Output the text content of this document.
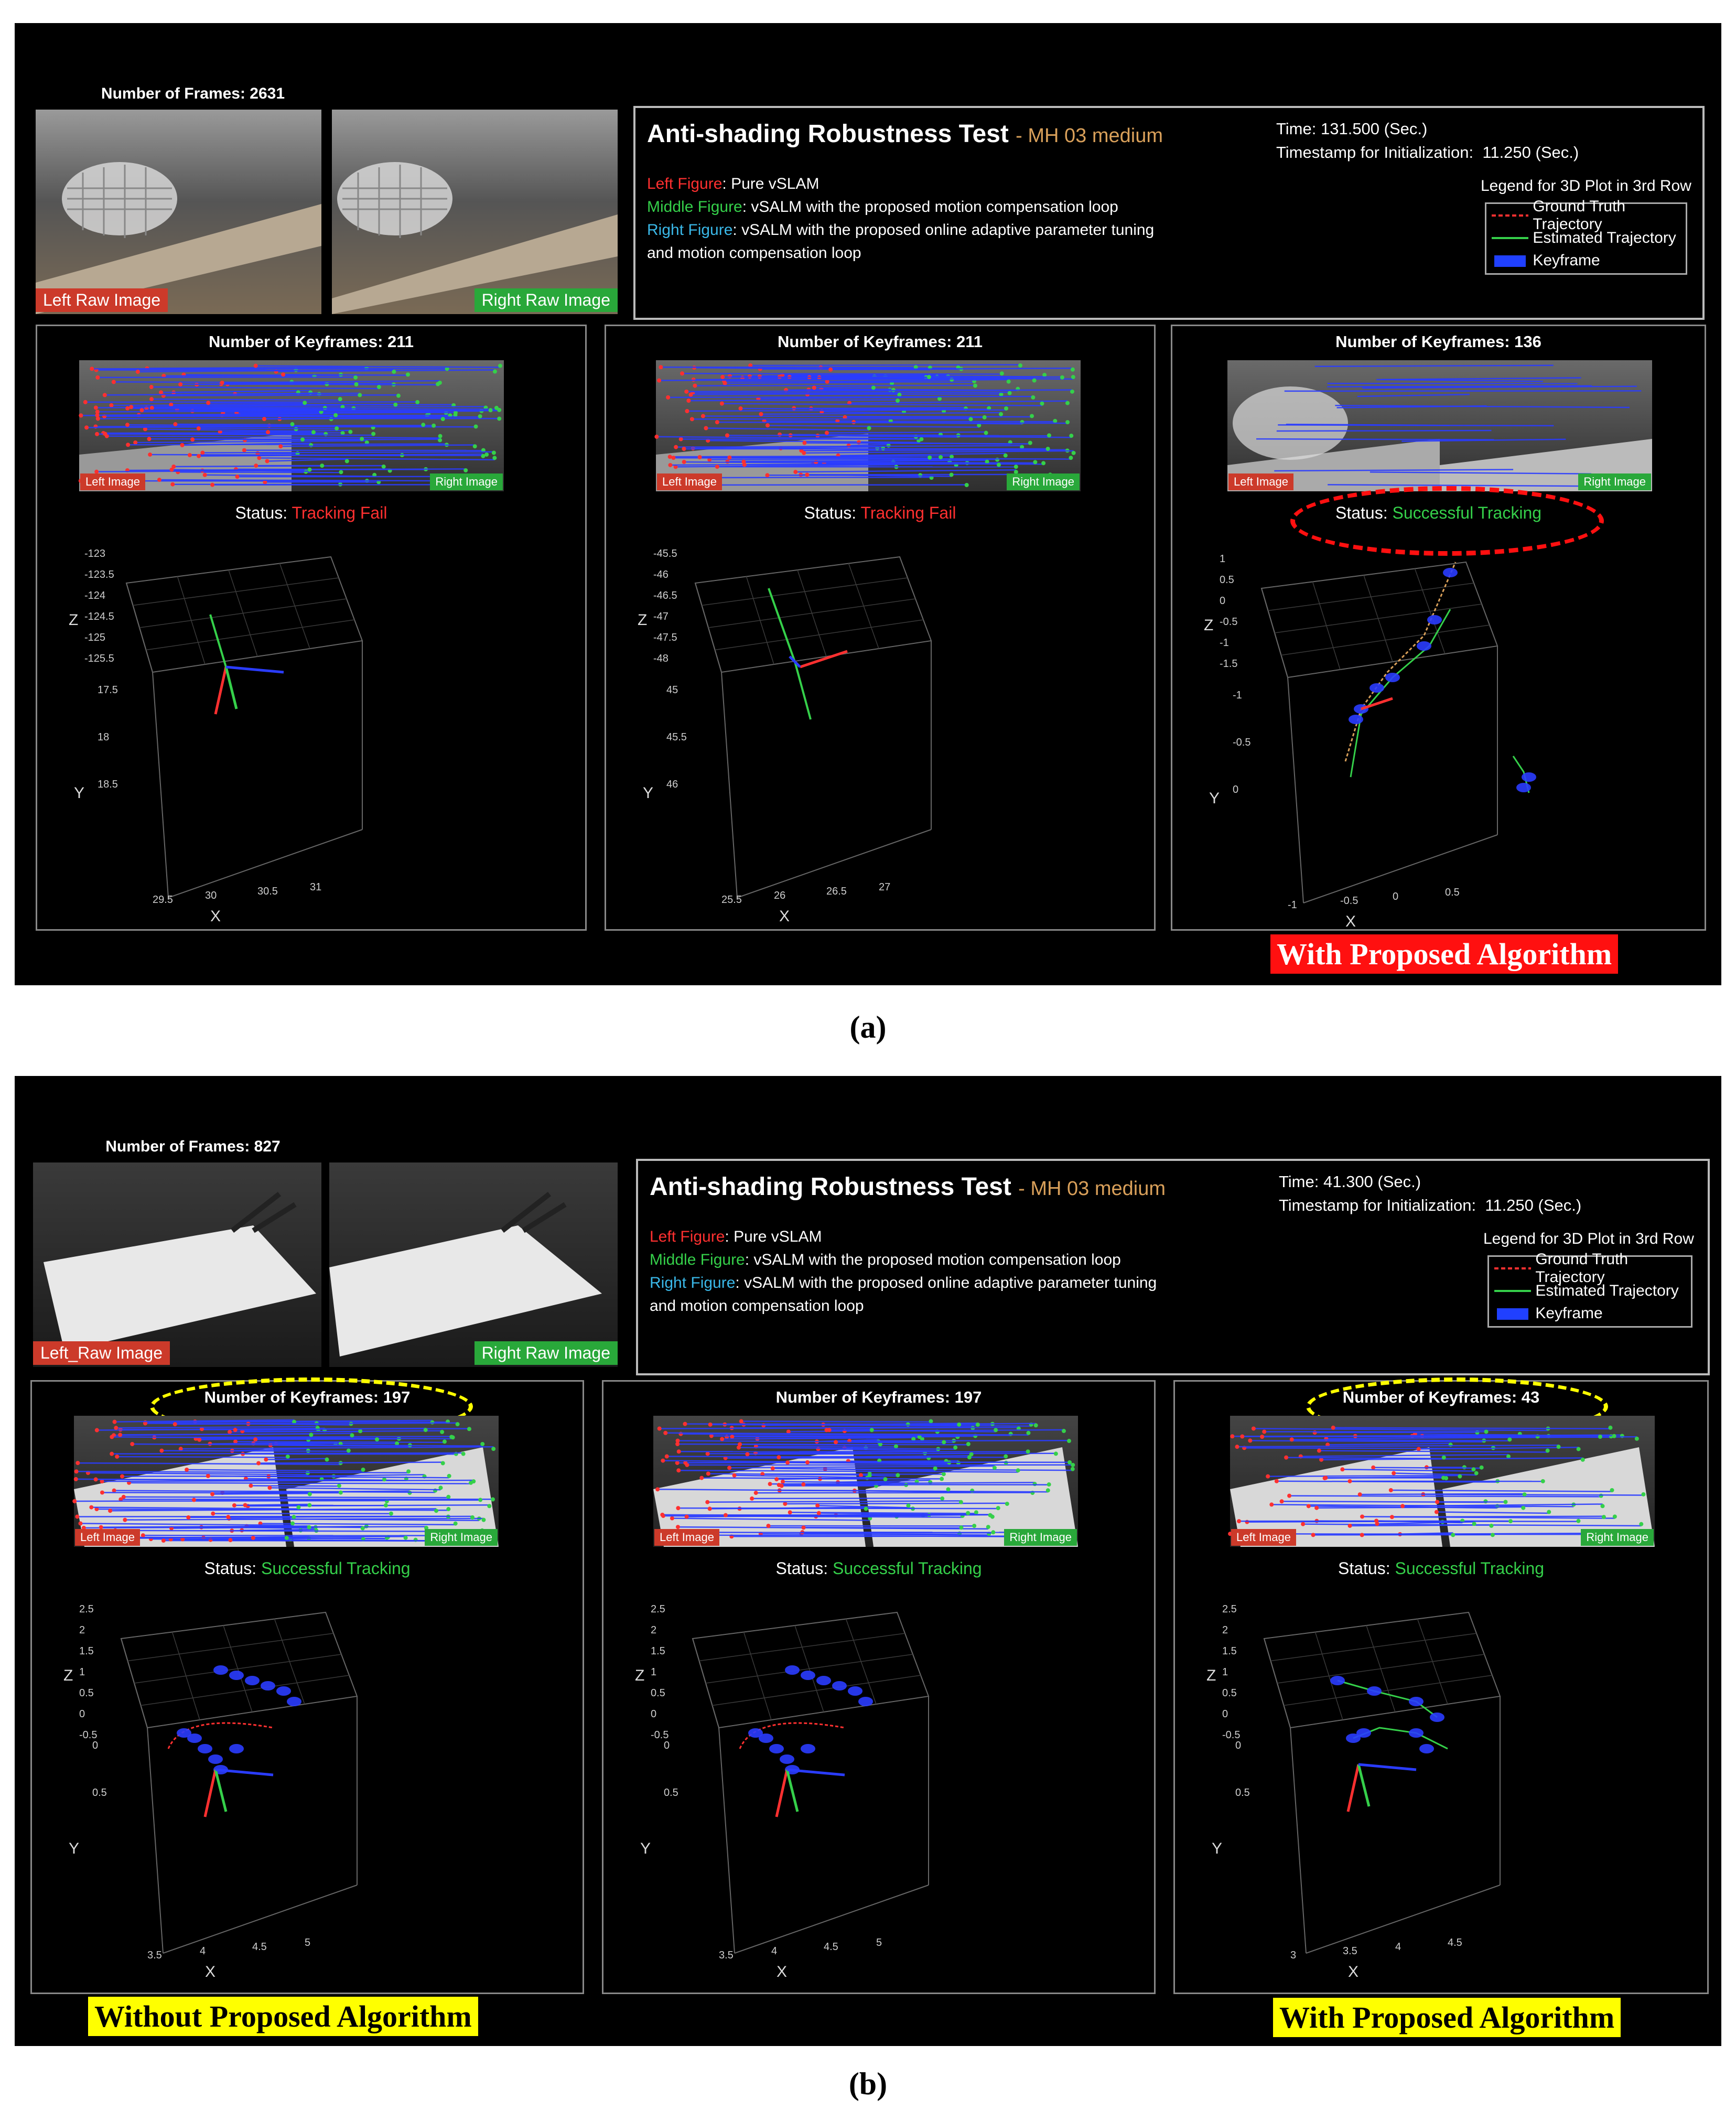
Number of Frames: 2631
Left Raw Image	Right Raw Image
Anti-shading Robustness Test - MH 03 medium
Left Figure: Pure vSLAM
Middle Figure: vSALM with the proposed motion compensation loop
Right Figure: vSALM with the proposed online adaptive parameter tuning
and motion compensation loop
Time: 131.500 (Sec.)
Timestamp for Initialization: 11.250 (Sec.)
Legend for 3D Plot in 3rd Row

Ground Truth Trajectory

Estimated Trajectory

Keyframe
Number of Keyframes: 211
Left Image	Right Image
Status: Tracking Fail
-123
-123.5
-124
-124.5
-125
-125.5
17.5
18
18.5
29.5	30	30.5	31
Z
Y
X
Number of Keyframes: 211
Left Image	Right Image
Status: Tracking Fail
-45.5
-46
-46.5
-47
-47.5
-48
45
45.5
46
25.5	26	26.5	27
Z
Y
X
Number of Keyframes: 136
Left Image	Right Image
Status: Successful Tracking
1
0.5
0
-0.5
-1
-1.5
-1
-0.5
0
-1	-0.5	0	0.5
Z
Y
X
With Proposed Algorithm
(a)
Number of Frames: 827
Left_Raw Image	Right Raw Image
Anti-shading Robustness Test - MH 03 medium
Left Figure: Pure vSLAM
Middle Figure: vSALM with the proposed motion compensation loop
Right Figure: vSALM with the proposed online adaptive parameter tuning
and motion compensation loop
Time: 41.300 (Sec.)
Timestamp for Initialization: 11.250 (Sec.)
Legend for 3D Plot in 3rd Row

Ground Truth Trajectory

Estimated Trajectory

Keyframe
Number of Keyframes: 197
Left Image	Right Image
Status: Successful Tracking
2.5
2
1.5
1
0.5
0
-0.5
0
0.5
3.5	4	4.5	5
Z
Y
X
Number of Keyframes: 197
Left Image	Right Image
Status: Successful Tracking
2.5
2
1.5
1
0.5
0
-0.5
0
0.5
3.5	4	4.5	5
Z
Y
X
Number of Keyframes: 43
Left Image	Right Image
Status: Successful Tracking
2.5
2
1.5
1
0.5
0
-0.5
0
0.5
3	3.5	4	4.5
Z
Y
X
Without Proposed Algorithm	With Proposed Algorithm
(b)
